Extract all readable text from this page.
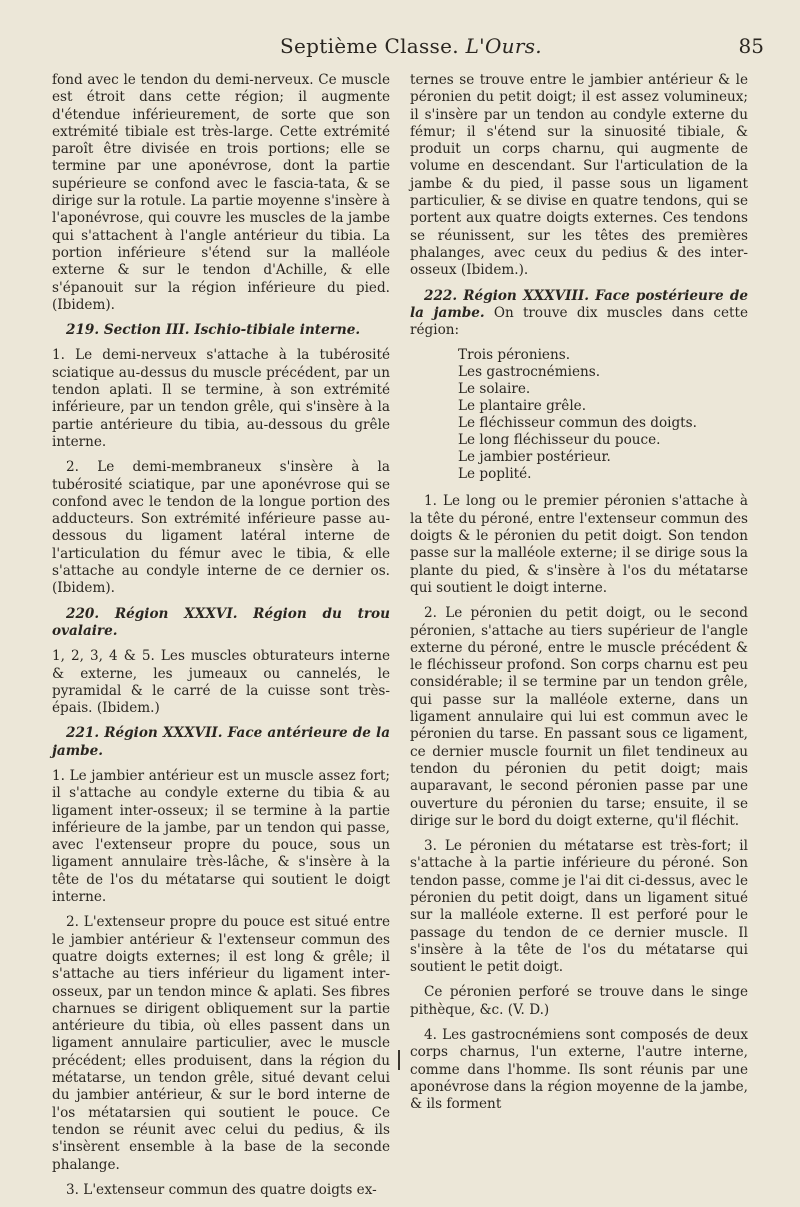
Septième Classe. L'Ours.	85

fond avec le tendon du demi-nerveux. Ce muscle est étroit dans cette région; il augmente d'étendue inférieurement, de sorte que son extrémité tibiale est très-large. Cette extrémité paroît être divisée en trois portions; elle se termine par une aponévrose, dont la partie supérieure se confond avec le fascia-tata, & se dirige sur la rotule. La partie moyenne s'insère à l'aponévrose, qui couvre les muscles de la jambe qui s'attachent à l'angle antérieur du tibia. La portion inférieure s'étend sur la malléole externe & sur le tendon d'Achille, & elle s'épanouit sur la région inférieure du pied. (Ibidem).

219. Section III. Ischio-tibiale interne.

1. Le demi-nerveux s'attache à la tubérosité sciatique au-dessus du muscle précédent, par un tendon aplati. Il se termine, à son extrémité inférieure, par un tendon grêle, qui s'insère à la partie antérieure du tibia, au-dessous du grêle interne.

2. Le demi-membraneux s'insère à la tubérosité sciatique, par une aponévrose qui se confond avec le tendon de la longue portion des adducteurs. Son extrémité inférieure passe au-dessous du ligament latéral interne de l'articulation du fémur avec le tibia, & elle s'attache au condyle interne de ce dernier os. (Ibidem).

220. Région XXXVI. Région du trou ovalaire.

1, 2, 3, 4 & 5. Les muscles obturateurs interne & externe, les jumeaux ou cannelés, le pyramidal & le carré de la cuisse sont très-épais. (Ibidem.)

221. Région XXXVII. Face antérieure de la jambe.

1. Le jambier antérieur est un muscle assez fort; il s'attache au condyle externe du tibia & au ligament inter-osseux; il se termine à la partie inférieure de la jambe, par un tendon qui passe, avec l'extenseur propre du pouce, sous un ligament annulaire très-lâche, & s'insère à la tête de l'os du métatarse qui soutient le doigt interne.

2. L'extenseur propre du pouce est situé entre le jambier antérieur & l'extenseur commun des quatre doigts externes; il est long & grêle; il s'attache au tiers inférieur du ligament inter-osseux, par un tendon mince & aplati. Ses fibres charnues se dirigent obliquement sur la partie antérieure du tibia, où elles passent dans un ligament annulaire particulier, avec le muscle précédent; elles produisent, dans la région du métatarse, un tendon grêle, situé devant celui du jambier antérieur, & sur le bord interne de l'os métatarsien qui soutient le pouce. Ce tendon se réunit avec celui du pedius, & ils s'insèrent ensemble à la base de la seconde phalange.

3. L'extenseur commun des quatre doigts ex-

ternes se trouve entre le jambier antérieur & le péronien du petit doigt; il est assez volumineux; il s'insère par un tendon au condyle externe du fémur; il s'étend sur la sinuosité tibiale, & produit un corps charnu, qui augmente de volume en descendant. Sur l'articulation de la jambe & du pied, il passe sous un ligament particulier, & se divise en quatre tendons, qui se portent aux quatre doigts externes. Ces tendons se réunissent, sur les têtes des premières phalanges, avec ceux du pedius & des inter-osseux (Ibidem.).

222. Région XXXVIII. Face postérieure de la jambe. On trouve dix muscles dans cette région:

Trois péroniens.
Les gastrocnémiens.
Le solaire.
Le plantaire grêle.
Le fléchisseur commun des doigts.
Le long fléchisseur du pouce.
Le jambier postérieur.
Le poplité.

1. Le long ou le premier péronien s'attache à la tête du péroné, entre l'extenseur commun des doigts & le péronien du petit doigt. Son tendon passe sur la malléole externe; il se dirige sous la plante du pied, & s'insère à l'os du métatarse qui soutient le doigt interne.

2. Le péronien du petit doigt, ou le second péronien, s'attache au tiers supérieur de l'angle externe du péroné, entre le muscle précédent & le fléchisseur profond. Son corps charnu est peu considérable; il se termine par un tendon grêle, qui passe sur la malléole externe, dans un ligament annulaire qui lui est commun avec le péronien du tarse. En passant sous ce ligament, ce dernier muscle fournit un filet tendineux au tendon du péronien du petit doigt; mais auparavant, le second péronien passe par une ouverture du péronien du tarse; ensuite, il se dirige sur le bord du doigt externe, qu'il fléchit.

3. Le péronien du métatarse est très-fort; il s'attache à la partie inférieure du péroné. Son tendon passe, comme je l'ai dit ci-dessus, avec le péronien du petit doigt, dans un ligament situé sur la malléole externe. Il est perforé pour le passage du tendon de ce dernier muscle. Il s'insère à la tête de l'os du métatarse qui soutient le petit doigt.

Ce péronien perforé se trouve dans le singe pithèque, &c. (V. D.)

4. Les gastrocnémiens sont composés de deux corps charnus, l'un externe, l'autre interne, comme dans l'homme. Ils sont réunis par une aponévrose dans la région moyenne de la jambe, & ils forment
